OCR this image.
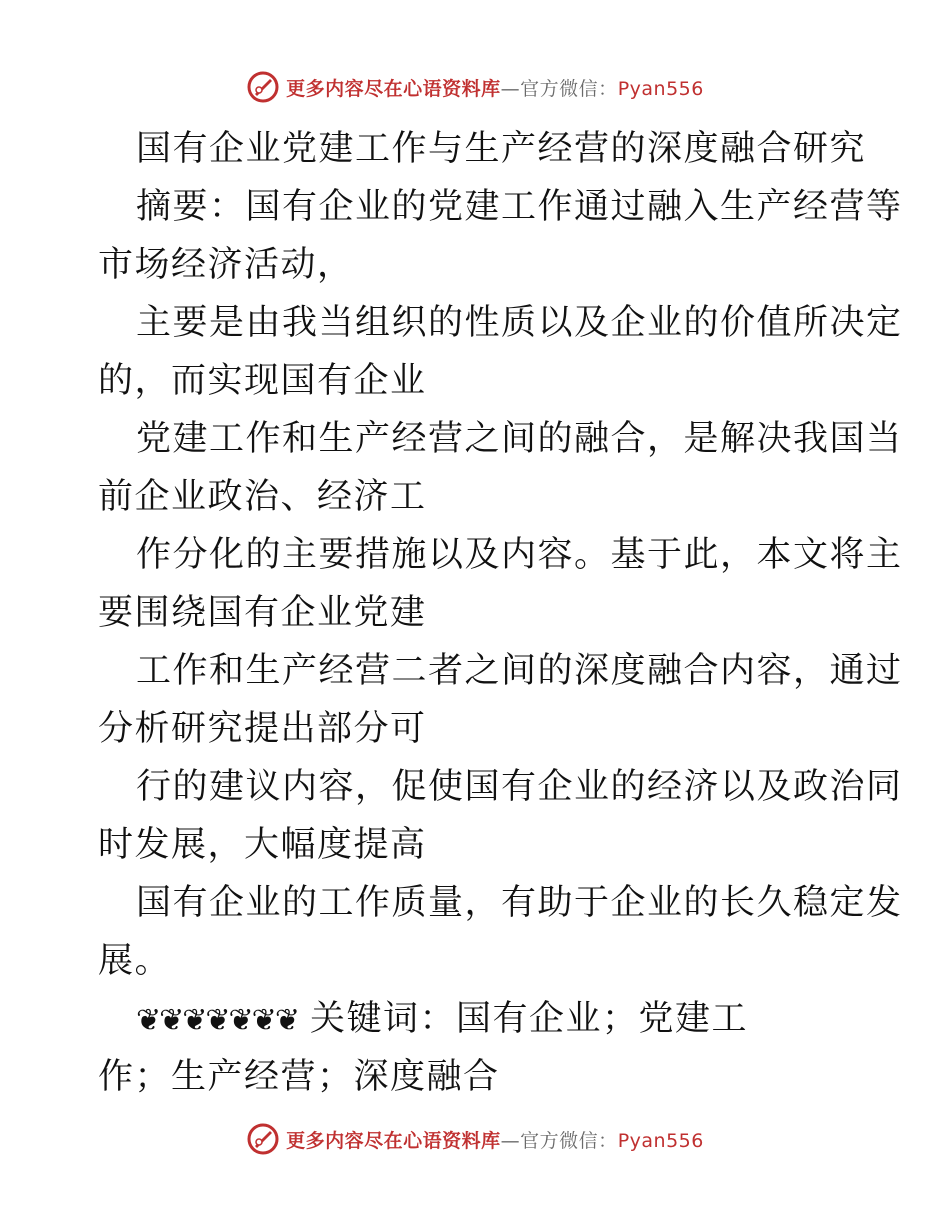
更多内容尽在心语资料库—官方微信：Pyan556
国有企业党建工作与生产经营的深度融合研究
摘要：国有企业的党建工作通过融入生产经营等
市场经济活动，
主要是由我当组织的性质以及企业的价值所决定
的，而实现国有企业
党建工作和生产经营之间的融合，是解决我国当
前企业政治、经济工
作分化的主要措施以及内容。基于此，本文将主
要围绕国有企业党建
工作和生产经营二者之间的深度融合内容，通过
分析研究提出部分可
行的建议内容，促使国有企业的经济以及政治同
时发展，大幅度提高
国有企业的工作质量，有助于企业的长久稳定发
展。
❦❦❦❦❦❦❦ 关键词：国有企业；党建工
作；生产经营；深度融合
更多内容尽在心语资料库—官方微信：Pyan556
